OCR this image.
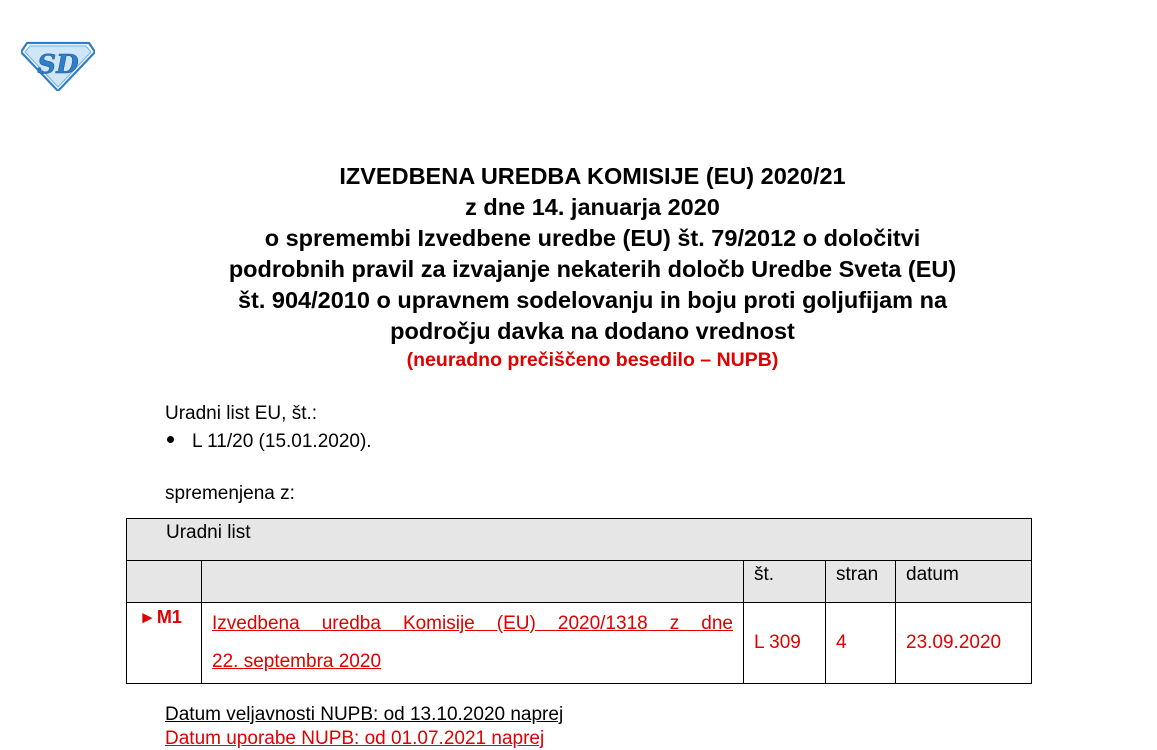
SD
IZVEDBENA UREDBA KOMISIJE (EU) 2020/21
z dne 14. januarja 2020
o spremembi Izvedbene uredbe (EU) št. 79/2012 o določitvi
podrobnih pravil za izvajanje nekaterih določb Uredbe Sveta (EU)
št. 904/2010 o upravnem sodelovanju in boju proti goljufijam na
področju davka na dodano vrednost
(neuradno prečiščeno besedilo – NUPB)
Uradni list EU, št.:
L 11/20 (15.01.2020).
spremenjena z:
Uradni list				
		št.	stran	datum
►M1	Izvedbena uredba Komisije (EU) 2020/1318 z dne
22. septembra 2020	L 309	4	23.09.2020
Datum veljavnosti NUPB: od 13.10.2020 naprej
Datum uporabe NUPB: od 01.07.2021 naprej
